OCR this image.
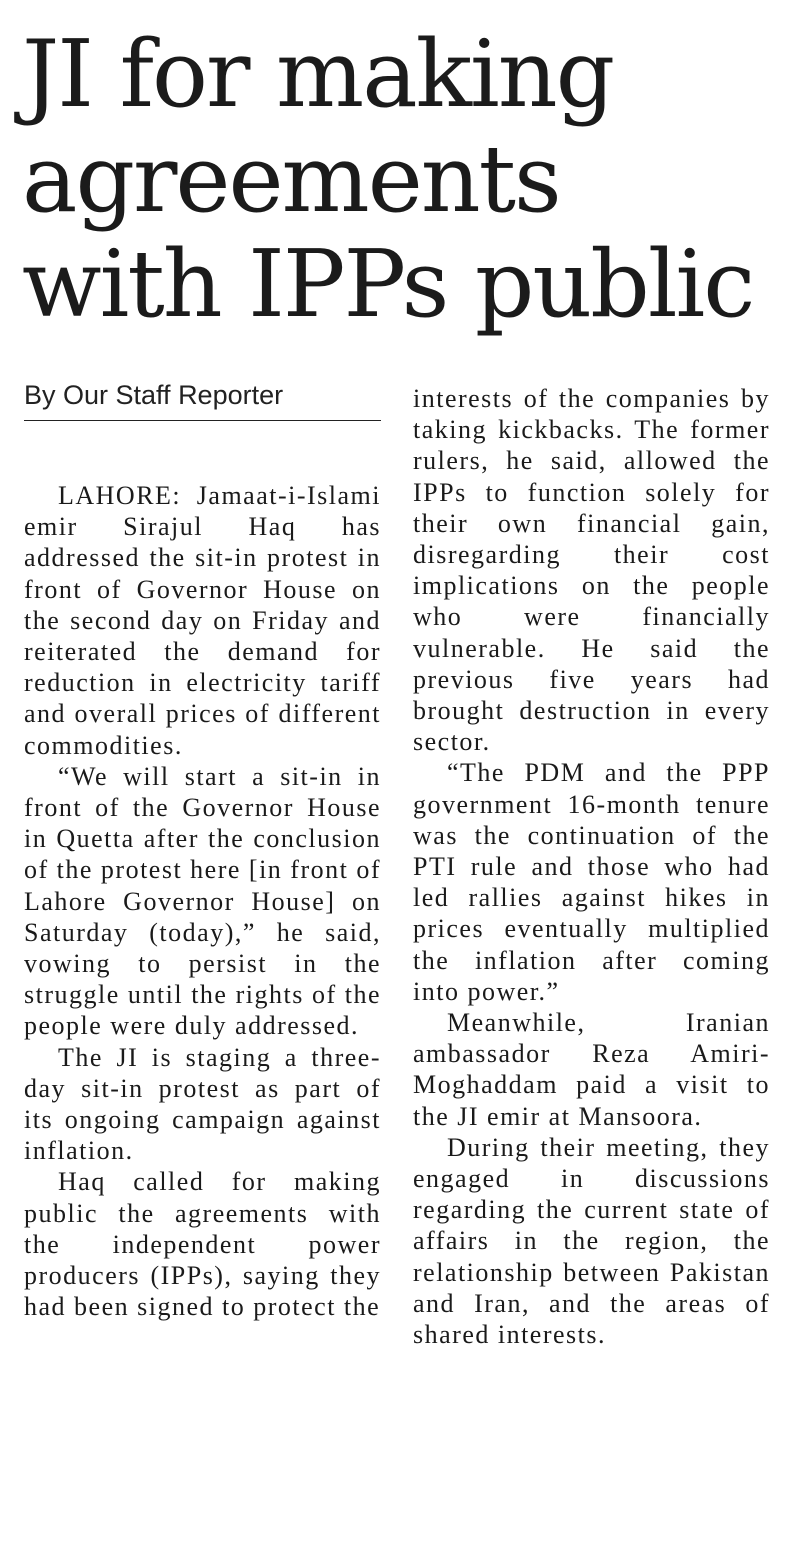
JI for making agreements with IPPs public
By Our Staff Reporter

LAHORE: Jamaat-i-Islami emir Sirajul Haq has addressed the sit-in protest in front of Governor House on the second day on Friday and reiterated the demand for reduction in electricity tariff and overall prices of different commodities.

“We will start a sit-in in front of the Governor House in Quetta after the conclusion of the protest here [in front of Lahore Governor House] on Saturday (today),” he said, vowing to persist in the struggle until the rights of the people were duly addressed.

The JI is staging a three-day sit-in protest as part of its ongoing campaign against inflation.

Haq called for making public the agreements with the independent power producers (IPPs), saying they had been signed to protect the

interests of the companies by taking kickbacks. The former rulers, he said, allowed the IPPs to function solely for their own financial gain, disregarding their cost implications on the people who were financially vulnerable. He said the previous five years had brought destruction in every sector.

“The PDM and the PPP government 16-month tenure was the continuation of the PTI rule and those who had led rallies against hikes in prices eventually multiplied the inflation after coming into power.”

Meanwhile, Iranian ambassador Reza Amiri-Moghaddam paid a visit to the JI emir at Mansoora.

During their meeting, they engaged in discussions regarding the current state of affairs in the region, the relationship between Pakistan and Iran, and the areas of shared interests.
